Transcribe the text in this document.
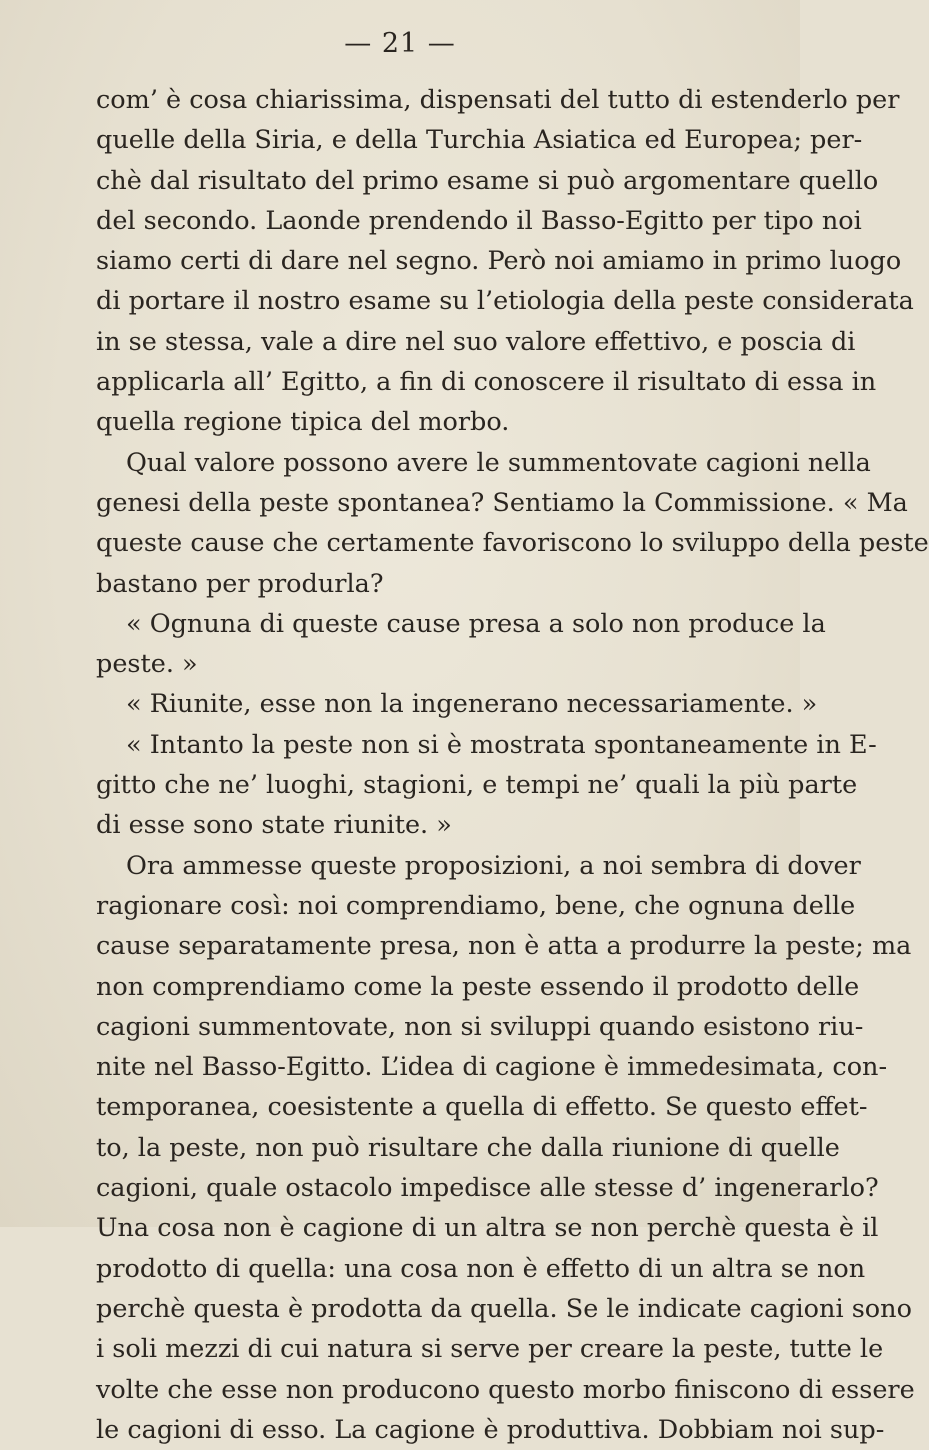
— 21 —
com’ è cosa chiarissima, dispensati del tutto di estenderlo per
quelle della Siria, e della Turchia Asiatica ed Europea; per-
chè dal risultato del primo esame si può argomentare quello
del secondo. Laonde prendendo il Basso-Egitto per tipo noi
siamo certi di dare nel segno. Però noi amiamo in primo luogo
di portare il nostro esame su l’etiologia della peste considerata
in se stessa, vale a dire nel suo valore effettivo, e poscia di
applicarla all’ Egitto, a fin di conoscere il risultato di essa in
quella regione tipica del morbo.
Qual valore possono avere le summentovate cagioni nella
genesi della peste spontanea? Sentiamo la Commissione. « Ma
queste cause che certamente favoriscono lo sviluppo della peste
bastano per produrla?
« Ognuna di queste cause presa a solo non produce la
peste. »
« Riunite, esse non la ingenerano necessariamente. »
« Intanto la peste non si è mostrata spontaneamente in E-
gitto che ne’ luoghi, stagioni, e tempi ne’ quali la più parte
di esse sono state riunite. »
Ora ammesse queste proposizioni, a noi sembra di dover
ragionare così: noi comprendiamo, bene, che ognuna delle
cause separatamente presa, non è atta a produrre la peste; ma
non comprendiamo come la peste essendo il prodotto delle
cagioni summentovate, non si sviluppi quando esistono riu-
nite nel Basso-Egitto. L’idea di cagione è immedesimata, con-
temporanea, coesistente a quella di effetto. Se questo effet-
to, la peste, non può risultare che dalla riunione di quelle
cagioni, quale ostacolo impedisce alle stesse d’ ingenerarlo?
Una cosa non è cagione di un altra se non perchè questa è il
prodotto di quella: una cosa non è effetto di un altra se non
perchè questa è prodotta da quella. Se le indicate cagioni sono
i soli mezzi di cui natura si serve per creare la peste, tutte le
volte che esse non producono questo morbo finiscono di essere
le cagioni di esso. La cagione è produttiva. Dobbiam noi sup-
